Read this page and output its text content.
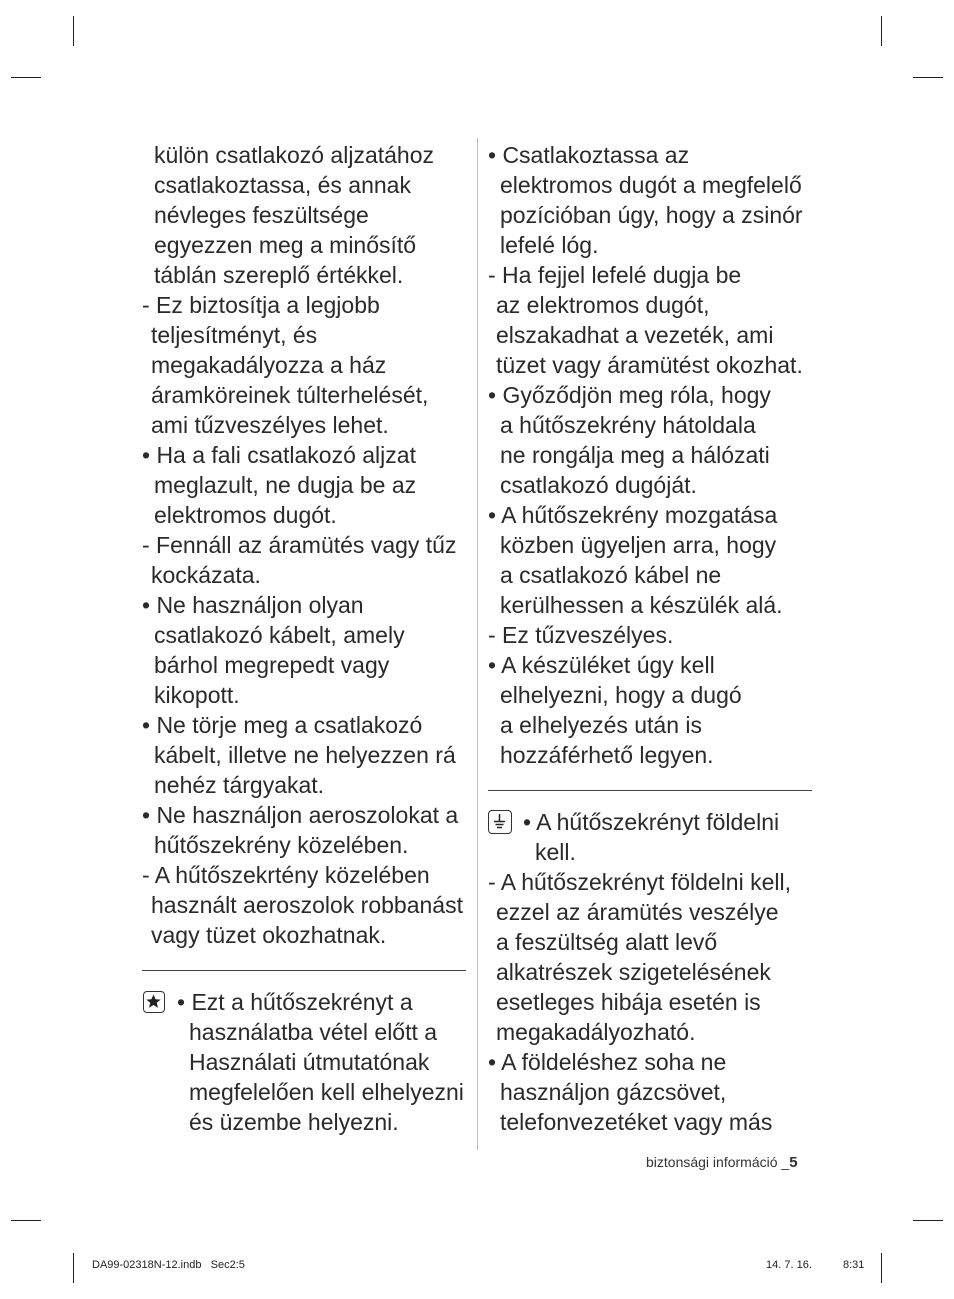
külön csatlakozó aljzatához
csatlakoztassa, és annak
névleges feszültsége
egyezzen meg a minősítő
táblán szereplő értékkel.
- Ez biztosítja a legjobb
teljesítményt, és
megakadályozza a ház
áramköreinek túlterhelését,
ami tűzveszélyes lehet.
• Ha a fali csatlakozó aljzat
meglazult, ne dugja be az
elektromos dugót.
- Fennáll az áramütés vagy tűz
kockázata.
• Ne használjon olyan
csatlakozó kábelt, amely
bárhol megrepedt vagy
kikopott.
• Ne törje meg a csatlakozó
kábelt, illetve ne helyezzen rá
nehéz tárgyakat.
• Ne használjon aeroszolokat a
hűtőszekrény közelében.
- A hűtőszekrtény közelében
használt aeroszolok robbanást
vagy tüzet okozhatnak.
• Ezt a hűtőszekrényt a
használatba vétel előtt a
Használati útmutatónak
megfelelően kell elhelyezni
és üzembe helyezni.
• Csatlakoztassa az
elektromos dugót a megfelelő
pozícióban úgy, hogy a zsinór
lefelé lóg.
- Ha fejjel lefelé dugja be
az elektromos dugót,
elszakadhat a vezeték, ami
tüzet vagy áramütést okozhat.
• Győződjön meg róla, hogy
a hűtőszekrény hátoldala
ne rongálja meg a hálózati
csatlakozó dugóját.
• A hűtőszekrény mozgatása
közben ügyeljen arra, hogy
a csatlakozó kábel ne
kerülhessen a készülék alá.
- Ez tűzveszélyes.
• A készüléket úgy kell
elhelyezni, hogy a dugó
a elhelyezés után is
hozzáférhető legyen.
• A hűtőszekrényt földelni
kell.
- A hűtőszekrényt földelni kell,
ezzel az áramütés veszélye
a feszültség alatt levő
alkatrészek szigetelésének
esetleges hibája esetén is
megakadályozható.
• A földeléshez soha ne
használjon gázcsövet,
telefonvezetéket vagy más
biztonsági információ _5
DA99-02318N-12.indb   Sec2:5	14. 7. 16.	8:31
